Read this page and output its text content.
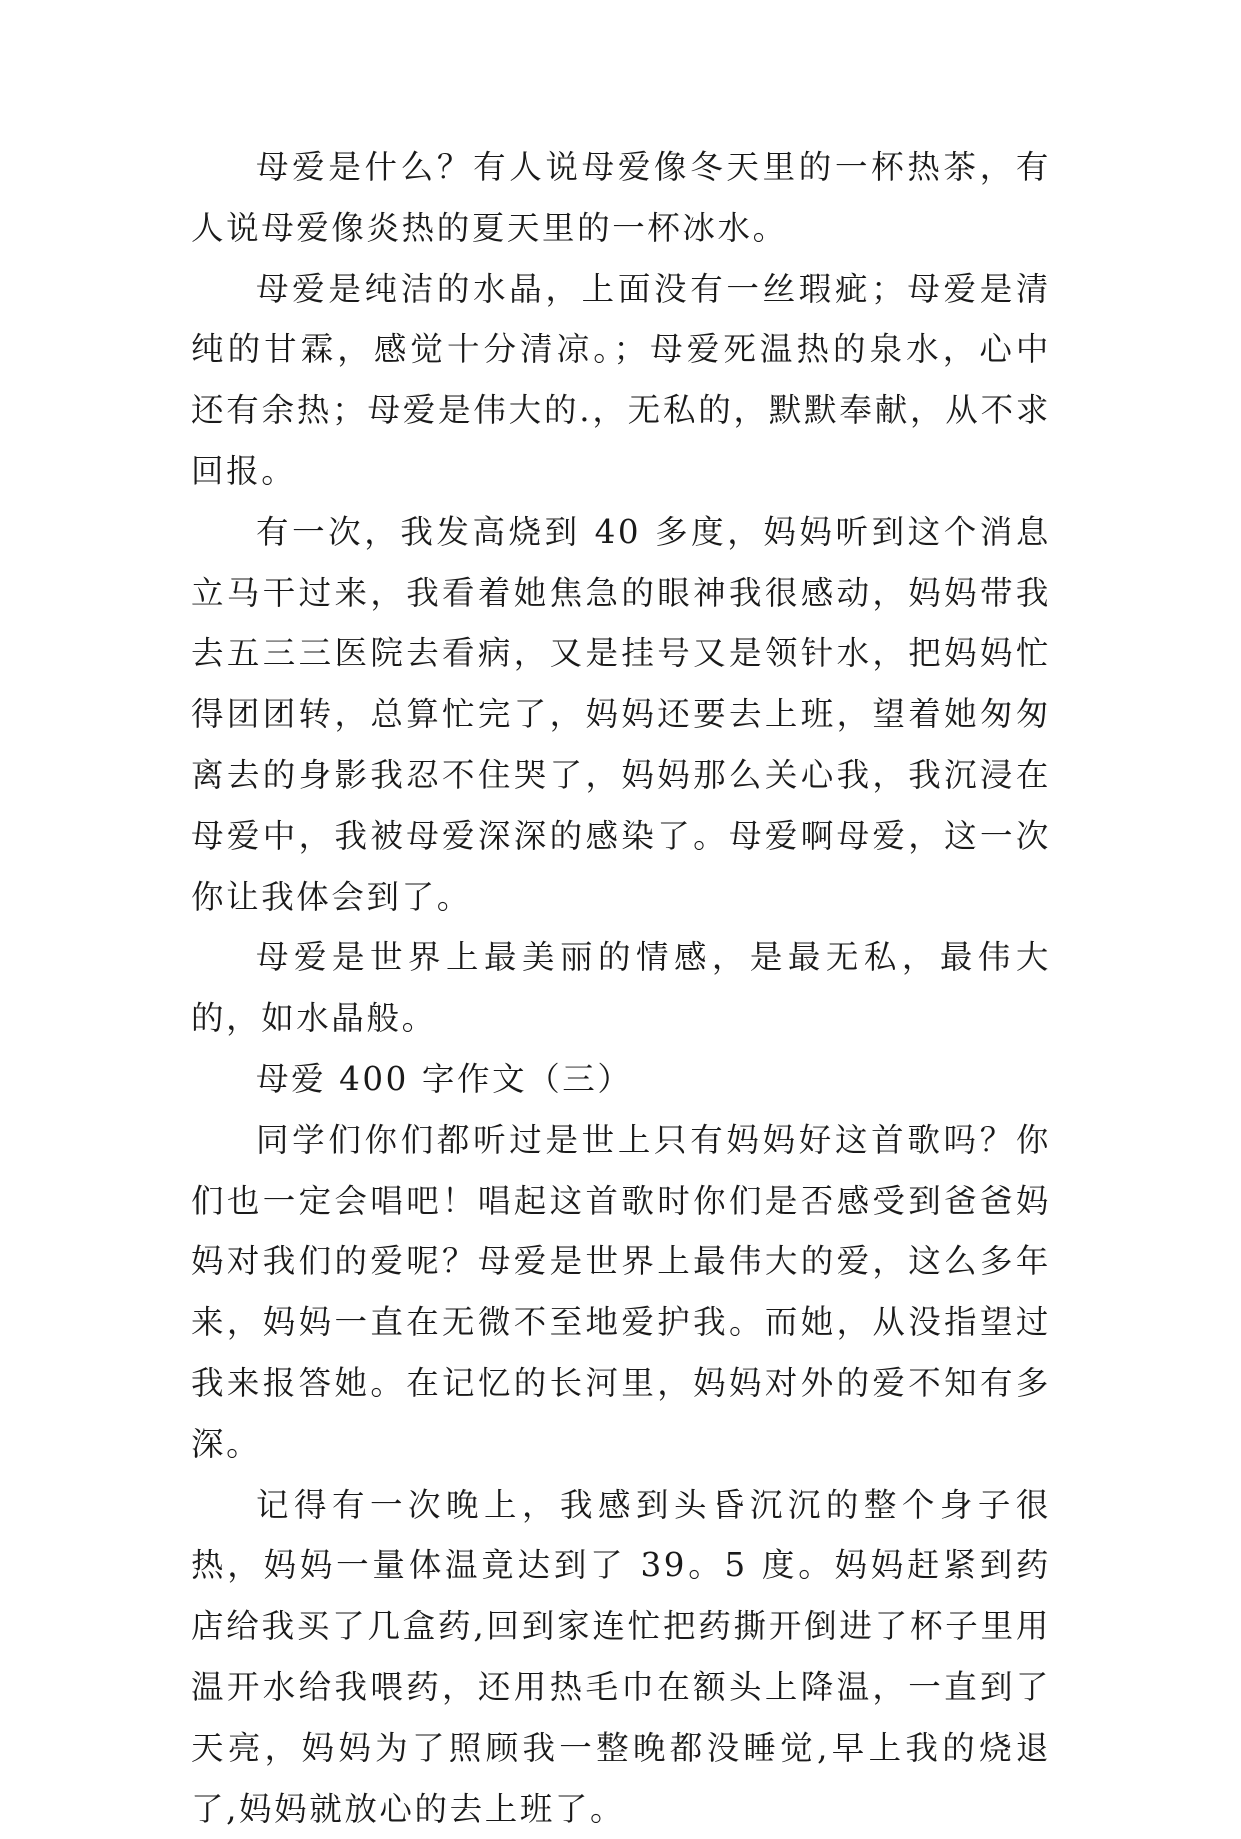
母爱是什么？有人说母爱像冬天里的一杯热茶，有人说母爱像炎热的夏天里的一杯冰水。

母爱是纯洁的水晶，上面没有一丝瑕疵；母爱是清纯的甘霖，感觉十分清凉。；母爱死温热的泉水，心中还有余热；母爱是伟大的.，无私的，默默奉献，从不求回报。

有一次，我发高烧到 40 多度，妈妈听到这个消息立马干过来，我看着她焦急的眼神我很感动，妈妈带我去五三三医院去看病，又是挂号又是领针水，把妈妈忙得团团转，总算忙完了，妈妈还要去上班，望着她匆匆离去的身影我忍不住哭了，妈妈那么关心我，我沉浸在母爱中，我被母爱深深的感染了。母爱啊母爱，这一次你让我体会到了。

母爱是世界上最美丽的情感，是最无私，最伟大的，如水晶般。

母爱 400 字作文（三）

同学们你们都听过是世上只有妈妈好这首歌吗？你们也一定会唱吧！唱起这首歌时你们是否感受到爸爸妈妈对我们的爱呢？母爱是世界上最伟大的爱，这么多年来，妈妈一直在无微不至地爱护我。而她，从没指望过我来报答她。在记忆的长河里，妈妈对外的爱不知有多深。

记得有一次晚上，我感到头昏沉沉的整个身子很热，妈妈一量体温竟达到了 39。5 度。妈妈赶紧到药店给我买了几盒药,回到家连忙把药撕开倒进了杯子里用温开水给我喂药，还用热毛巾在额头上降温，一直到了天亮，妈妈为了照顾我一整晚都没睡觉,早上我的烧退了,妈妈就放心的去上班了。
